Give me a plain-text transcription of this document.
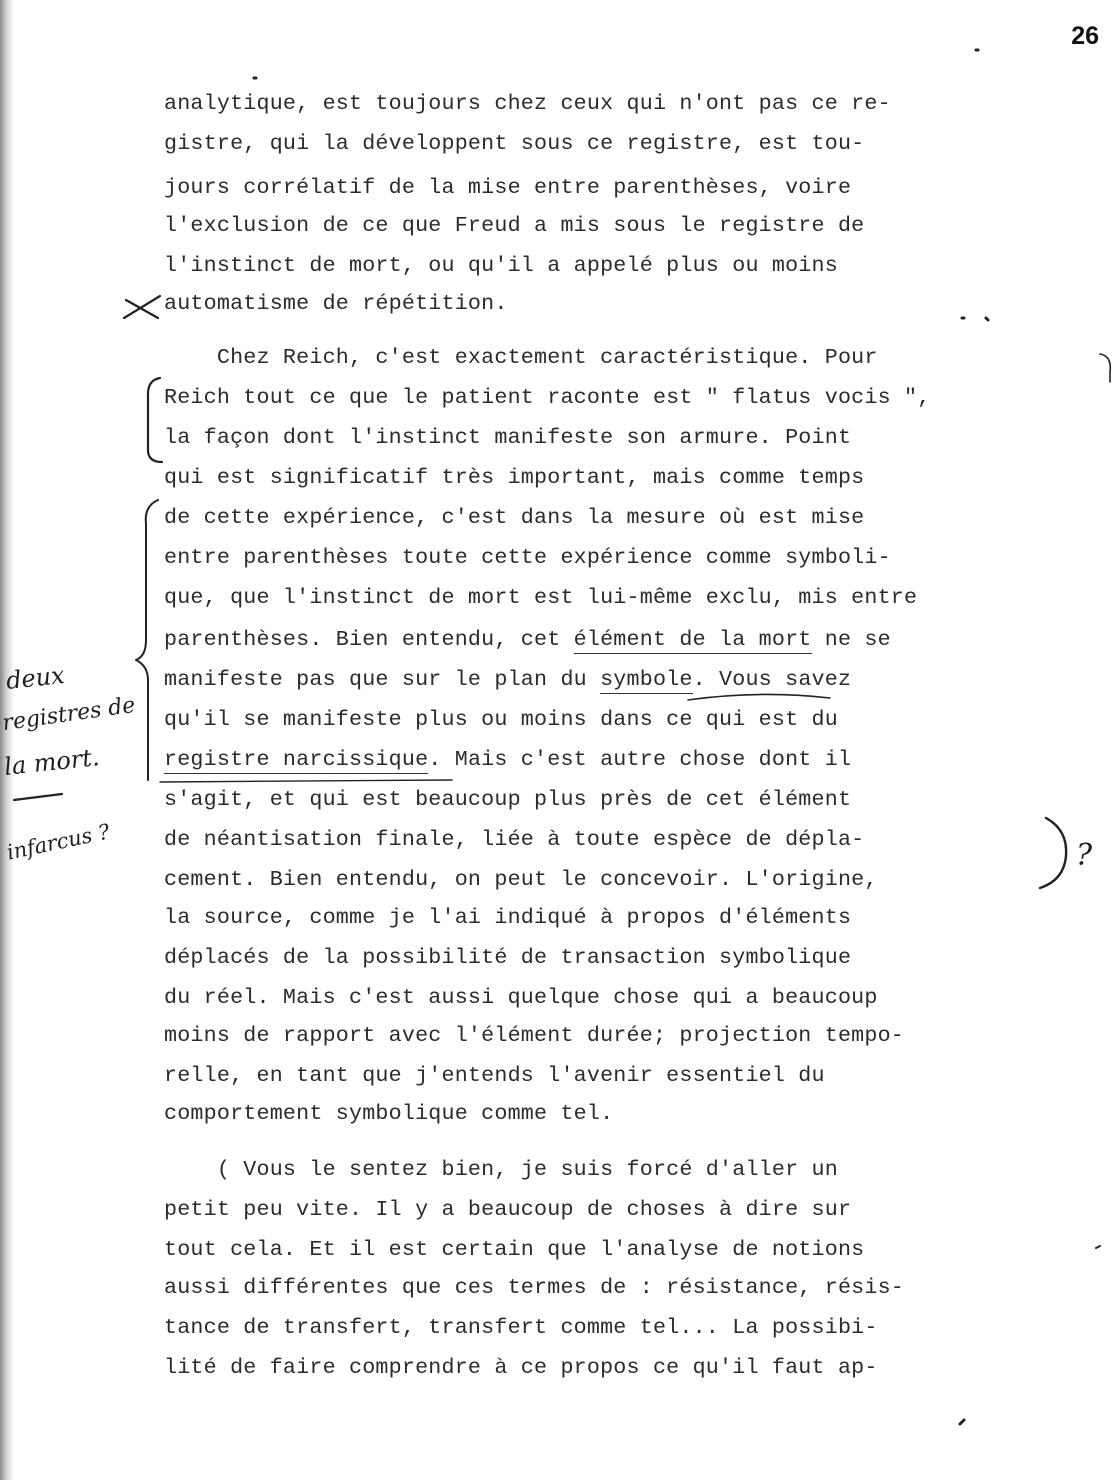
26
analytique, est toujours chez ceux qui n'ont pas ce re-
gistre, qui la développent sous ce registre, est tou-
jours corrélatif de la mise entre parenthèses, voire
l'exclusion de ce que Freud a mis sous le registre de
l'instinct de mort, ou qu'il a appelé plus ou moins
automatisme de répétition.
Chez Reich, c'est exactement caractéristique. Pour
Reich tout ce que le patient raconte est " flatus vocis ",
la façon dont l'instinct manifeste son armure. Point
qui est significatif très important, mais comme temps
de cette expérience, c'est dans la mesure où est mise
entre parenthèses toute cette expérience comme symboli-
que, que l'instinct de mort est lui-même exclu, mis entre
parenthèses. Bien entendu, cet élément de la mort ne se
manifeste pas que sur le plan du symbole. Vous savez
qu'il se manifeste plus ou moins dans ce qui est du
registre narcissique. Mais c'est autre chose dont il
s'agit, et qui est beaucoup plus près de cet élément
de néantisation finale, liée à toute espèce de dépla-
cement. Bien entendu, on peut le concevoir. L'origine,
la source, comme je l'ai indiqué à propos d'éléments
déplacés de la possibilité de transaction symbolique
du réel. Mais c'est aussi quelque chose qui a beaucoup
moins de rapport avec l'élément durée; projection tempo-
relle, en tant que j'entends l'avenir essentiel du
comportement symbolique comme tel.
( Vous le sentez bien, je suis forcé d'aller un
petit peu vite. Il y a beaucoup de choses à dire sur
tout cela. Et il est certain que l'analyse de notions
aussi différentes que ces termes de : résistance, résis-
tance de transfert, transfert comme tel... La possibi-
lité de faire comprendre à ce propos ce qu'il faut ap-
deux
registres de
la mort.
infarcus ?	?
